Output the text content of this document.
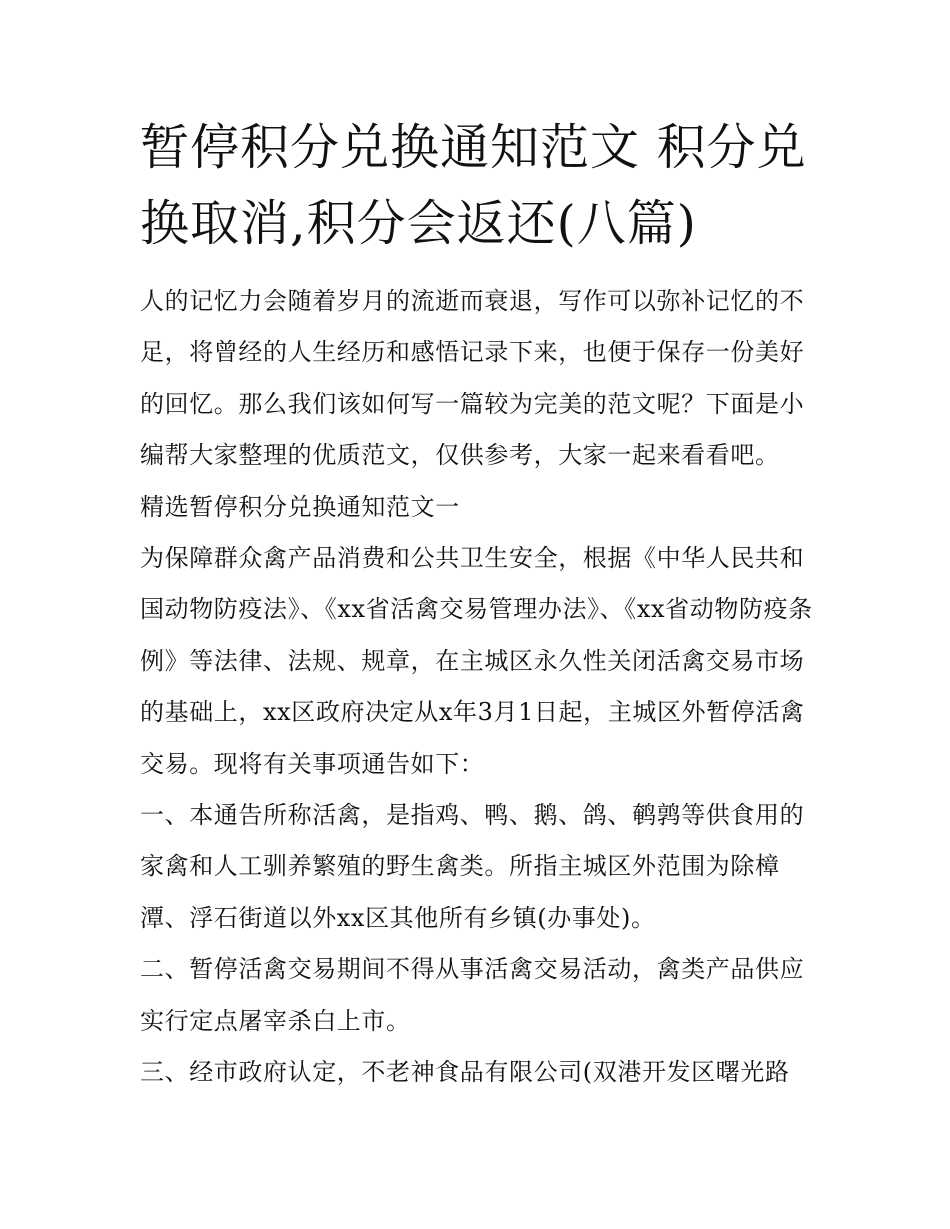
暂停积分兑换通知范文 积分兑换取消,积分会返还(八篇)

人的记忆力会随着岁月的流逝而衰退，写作可以弥补记忆的不足，将曾经的人生经历和感悟记录下来，也便于保存一份美好的回忆。那么我们该如何写一篇较为完美的范文呢？下面是小编帮大家整理的优质范文，仅供参考，大家一起来看看吧。

精选暂停积分兑换通知范文一

为保障群众禽产品消费和公共卫生安全，根据《中华人民共和国动物防疫法》、《xx省活禽交易管理办法》、《xx省动物防疫条例》等法律、法规、规章，在主城区永久性关闭活禽交易市场的基础上，xx区政府决定从x年3月1日起，主城区外暂停活禽交易。现将有关事项通告如下：

一、本通告所称活禽，是指鸡、鸭、鹅、鸽、鹌鹑等供食用的家禽和人工驯养繁殖的野生禽类。所指主城区外范围为除樟潭、浮石街道以外xx区其他所有乡镇(办事处)。

二、暂停活禽交易期间不得从事活禽交易活动，禽类产品供应实行定点屠宰杀白上市。

三、经市政府认定，不老神食品有限公司(双港开发区曙光路
